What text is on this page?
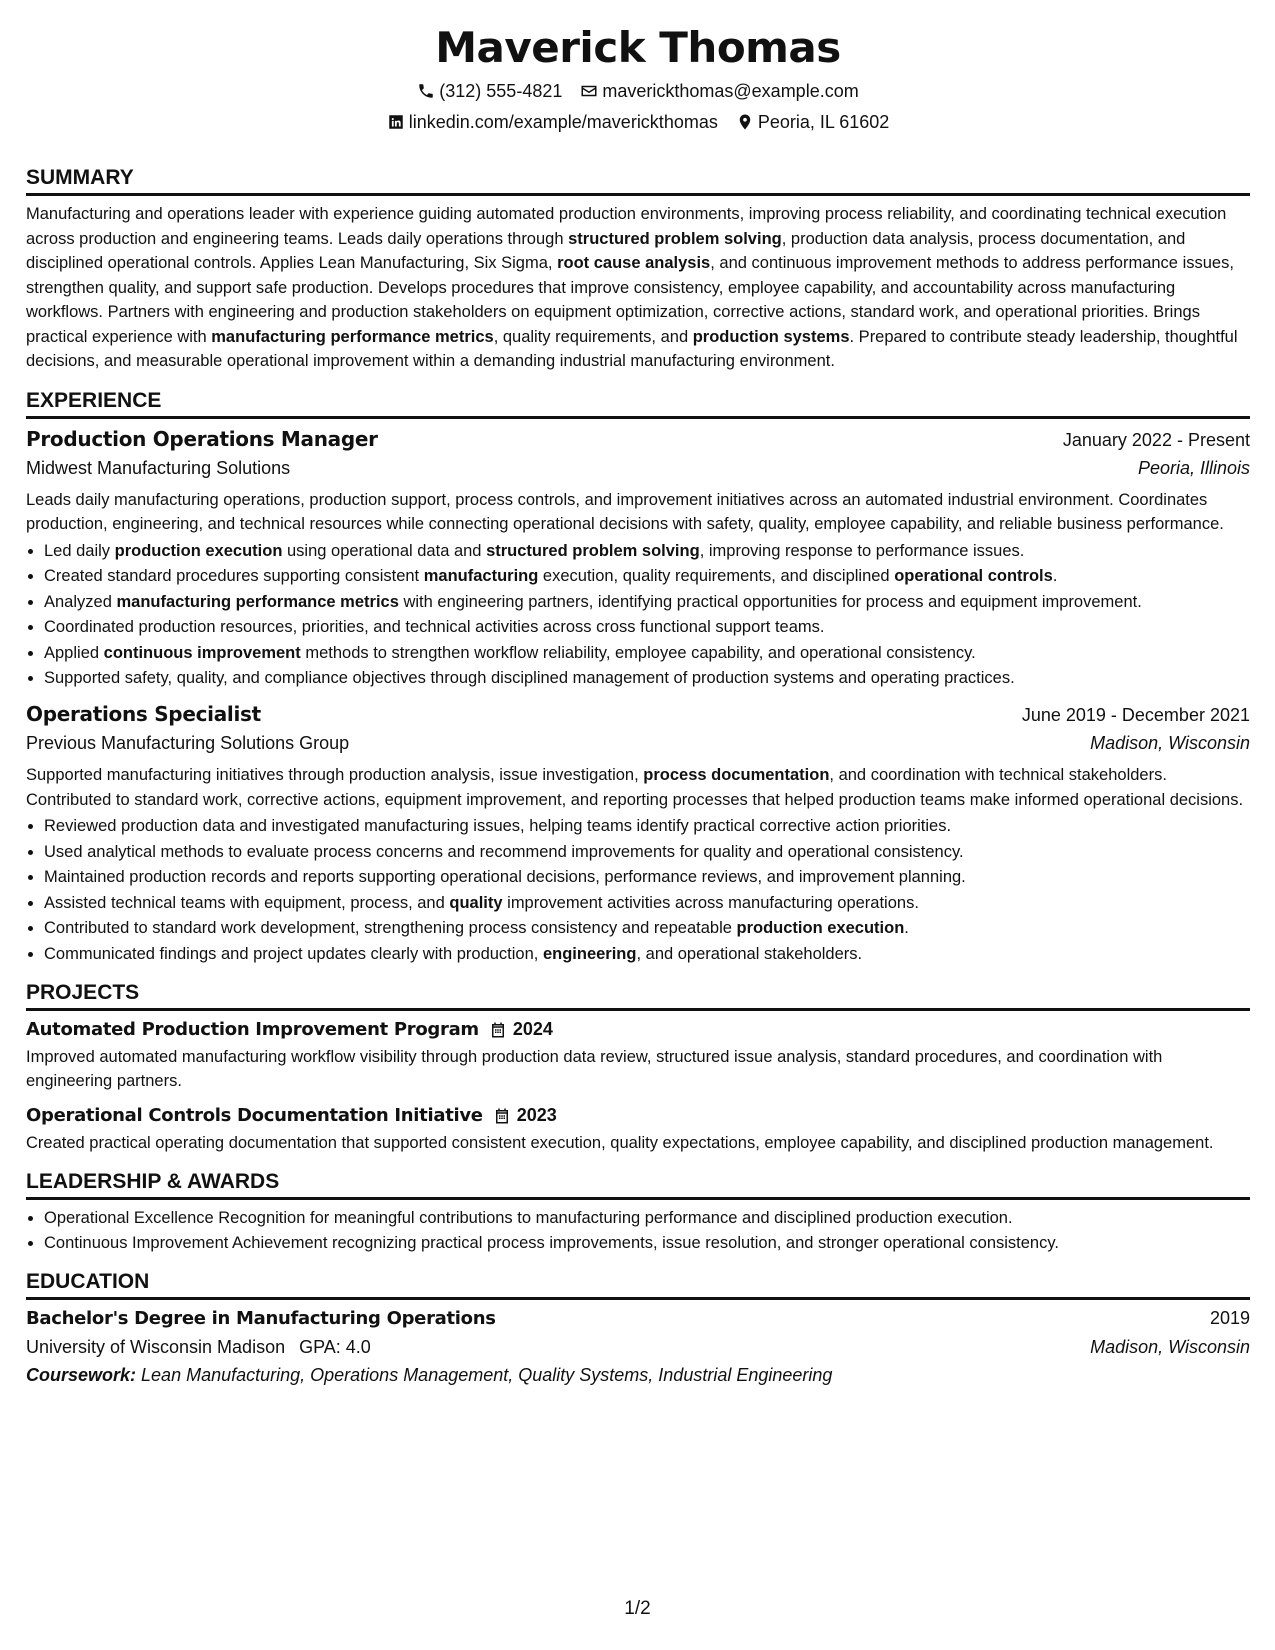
Maverick Thomas
(312) 555-4821 maverickthomas@example.com
linkedin.com/example/maverickthomas Peoria, IL 61602
SUMMARY

Manufacturing and operations leader with experience guiding automated production environments, improving process reliability, and coordinating technical execution across production and engineering teams. Leads daily operations through structured problem solving, production data analysis, process documentation, and disciplined operational controls. Applies Lean Manufacturing, Six Sigma, root cause analysis, and continuous improvement methods to address performance issues, strengthen quality, and support safe production. Develops procedures that improve consistency, employee capability, and accountability across manufacturing workflows. Partners with engineering and production stakeholders on equipment optimization, corrective actions, standard work, and operational priorities. Brings practical experience with manufacturing performance metrics, quality requirements, and production systems. Prepared to contribute steady leadership, thoughtful decisions, and measurable operational improvement within a demanding industrial manufacturing environment.

EXPERIENCE
Production Operations Manager	January 2022 - Present
Midwest Manufacturing Solutions	Peoria, Illinois

Leads daily manufacturing operations, production support, process controls, and improvement initiatives across an automated industrial environment. Coordinates production, engineering, and technical resources while connecting operational decisions with safety, quality, employee capability, and reliable business performance.

• Led daily production execution using operational data and structured problem solving, improving response to performance issues.
• Created standard procedures supporting consistent manufacturing execution, quality requirements, and disciplined operational controls.
• Analyzed manufacturing performance metrics with engineering partners, identifying practical opportunities for process and equipment improvement.
• Coordinated production resources, priorities, and technical activities across cross functional support teams.
• Applied continuous improvement methods to strengthen workflow reliability, employee capability, and operational consistency.
• Supported safety, quality, and compliance objectives through disciplined management of production systems and operating practices.
Operations Specialist	June 2019 - December 2021
Previous Manufacturing Solutions Group	Madison, Wisconsin

Supported manufacturing initiatives through production analysis, issue investigation, process documentation, and coordination with technical stakeholders. Contributed to standard work, corrective actions, equipment improvement, and reporting processes that helped production teams make informed operational decisions.

• Reviewed production data and investigated manufacturing issues, helping teams identify practical corrective action priorities.
• Used analytical methods to evaluate process concerns and recommend improvements for quality and operational consistency.
• Maintained production records and reports supporting operational decisions, performance reviews, and improvement planning.
• Assisted technical teams with equipment, process, and quality improvement activities across manufacturing operations.
• Contributed to standard work development, strengthening process consistency and repeatable production execution.
• Communicated findings and project updates clearly with production, engineering, and operational stakeholders.
PROJECTS
Automated Production Improvement Program 2024

Improved automated manufacturing workflow visibility through production data review, structured issue analysis, standard procedures, and coordination with engineering partners.

Operational Controls Documentation Initiative 2023

Created practical operating documentation that supported consistent execution, quality expectations, employee capability, and disciplined production management.

LEADERSHIP & AWARDS
• Operational Excellence Recognition for meaningful contributions to manufacturing performance and disciplined production execution.
• Continuous Improvement Achievement recognizing practical process improvements, issue resolution, and stronger operational consistency.
EDUCATION
Bachelor's Degree in Manufacturing Operations	2019
University of Wisconsin Madison GPA: 4.0	Madison, Wisconsin
Coursework: Lean Manufacturing, Operations Management, Quality Systems, Industrial Engineering
1/2
